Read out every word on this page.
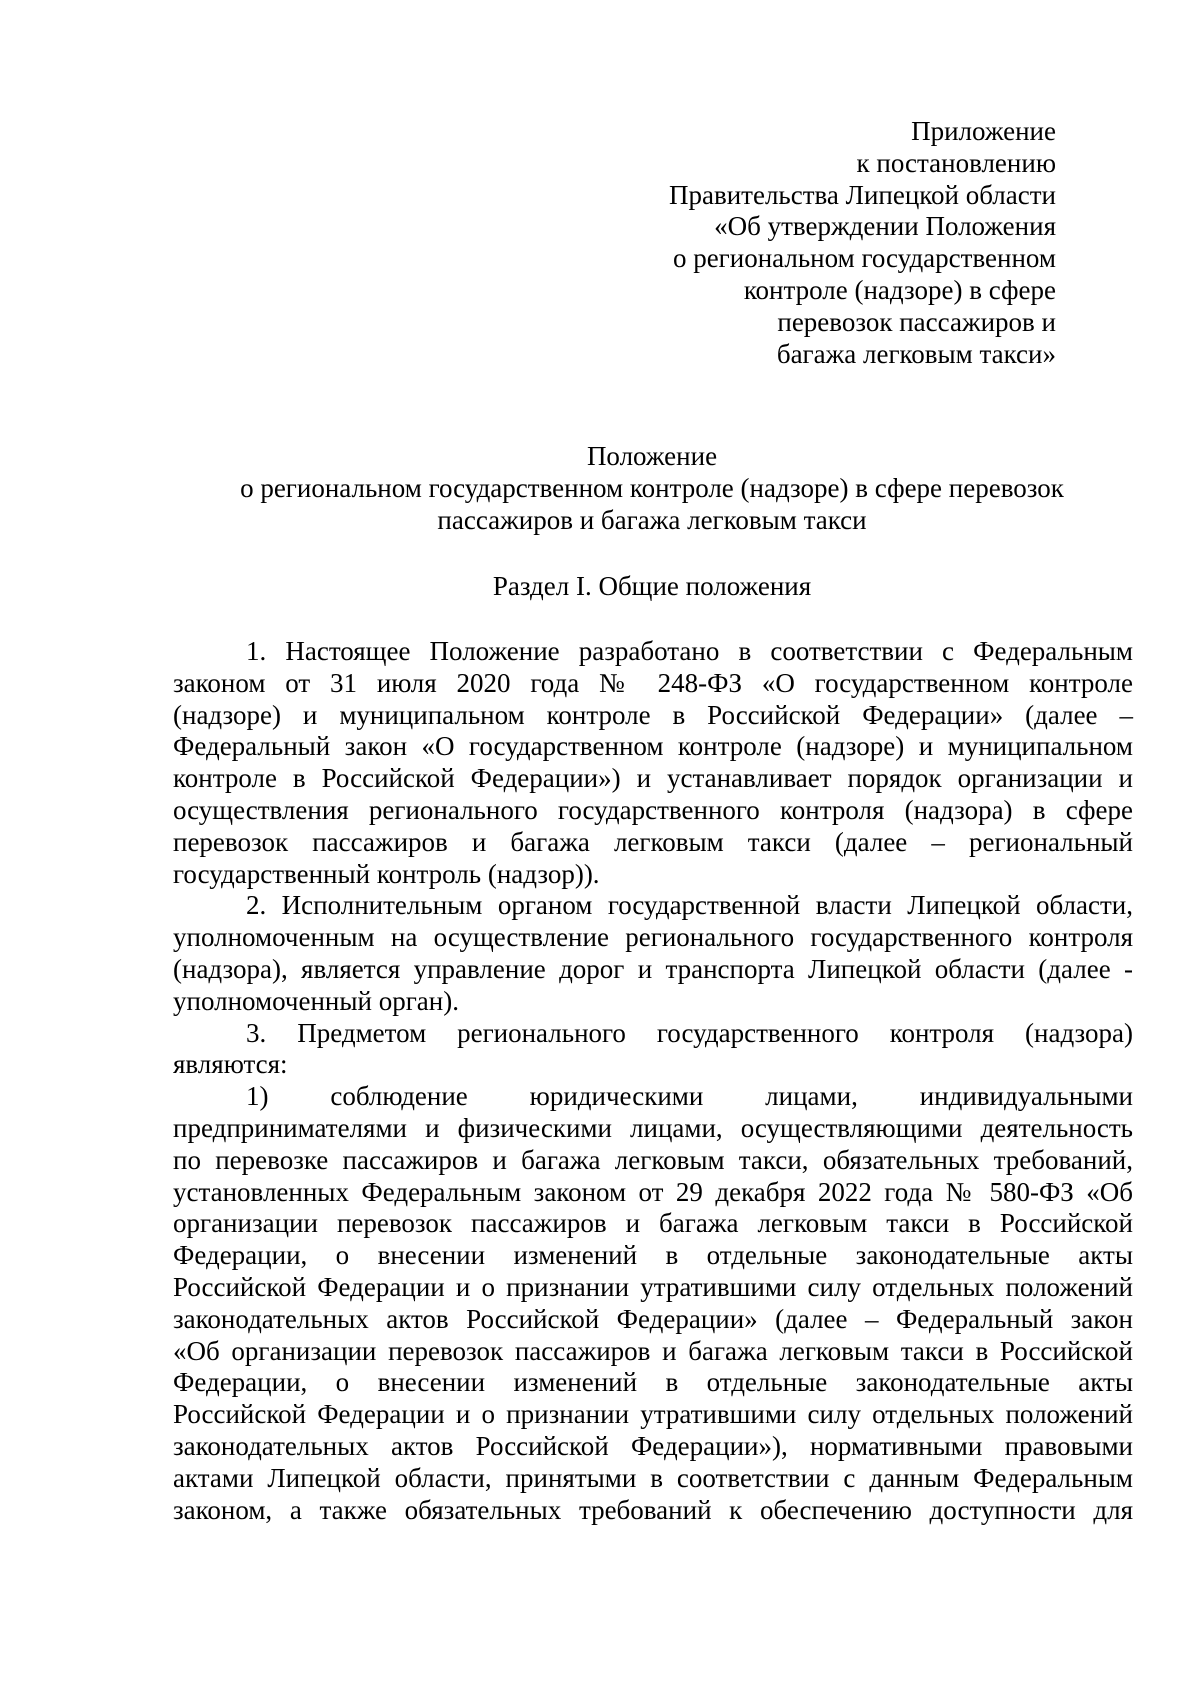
Приложение
к постановлению
Правительства Липецкой области
«Об утверждении Положения
о региональном государственном
контроле (надзоре) в сфере
перевозок пассажиров и
багажа легковым такси»
Положение
о региональном государственном контроле (надзоре) в сфере перевозок
пассажиров и багажа легковым такси
Раздел I. Общие положения
1. Настоящее Положение разработано в соответствии с Федеральным
законом от 31 июля 2020 года № 248-ФЗ «О государственном контроле
(надзоре) и муниципальном контроле в Российской Федерации» (далее –
Федеральный закон «О государственном контроле (надзоре) и муниципальном
контроле в Российской Федерации») и устанавливает порядок организации и
осуществления регионального государственного контроля (надзора) в сфере
перевозок пассажиров и багажа легковым такси (далее – региональный
государственный контроль (надзор)).
2. Исполнительным органом государственной власти Липецкой области,
уполномоченным на осуществление регионального государственного контроля
(надзора), является управление дорог и транспорта Липецкой области (далее -
уполномоченный орган).
3. Предметом регионального государственного контроля (надзора)
являются:
1) соблюдение юридическими лицами, индивидуальными
предпринимателями и физическими лицами, осуществляющими деятельность
по перевозке пассажиров и багажа легковым такси, обязательных требований,
установленных Федеральным законом от 29 декабря 2022 года № 580-ФЗ «Об
организации перевозок пассажиров и багажа легковым такси в Российской
Федерации, о внесении изменений в отдельные законодательные акты
Российской Федерации и о признании утратившими силу отдельных положений
законодательных актов Российской Федерации» (далее – Федеральный закон
«Об организации перевозок пассажиров и багажа легковым такси в Российской
Федерации, о внесении изменений в отдельные законодательные акты
Российской Федерации и о признании утратившими силу отдельных положений
законодательных актов Российской Федерации»), нормативными правовыми
актами Липецкой области, принятыми в соответствии с данным Федеральным
законом, а также обязательных требований к обеспечению доступности для
